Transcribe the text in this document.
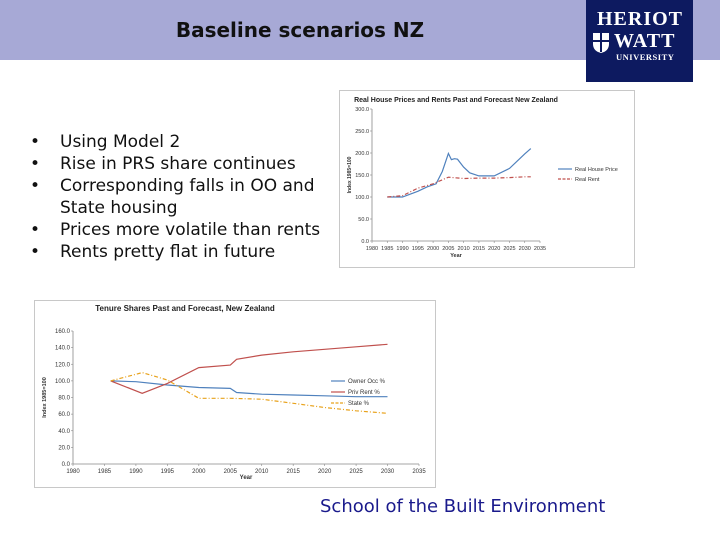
Baseline scenarios NZ	HERIOT
WATT
UNIVERSITY
• Using Model 2
• Rise in PRS share continues
• Corresponding falls in OO and State housing
• Prices more volatile than rents
• Rents pretty flat in future
Real House Prices and Rents Past and Forecast New Zealand
0.0
50.0
100.0
150.0
200.0
250.0
300.0
1980 1985 1990 1995 2000 2005 2010 2015 2020 2025 2030 2035
Year
Index 1985=100	Real House Price
Real Rent
Tenure Shares Past and Forecast, New Zealand
0.0
20.0
40.0
60.0
80.0
100.0
120.0
140.0
160.0
1980	1985	1990	1995	2000	2005	2010	2015	2020	2025	2030	2035
Year
Index 1985=100	Owner Occ %
Priv Rent %
State %
School of the Built Environment
